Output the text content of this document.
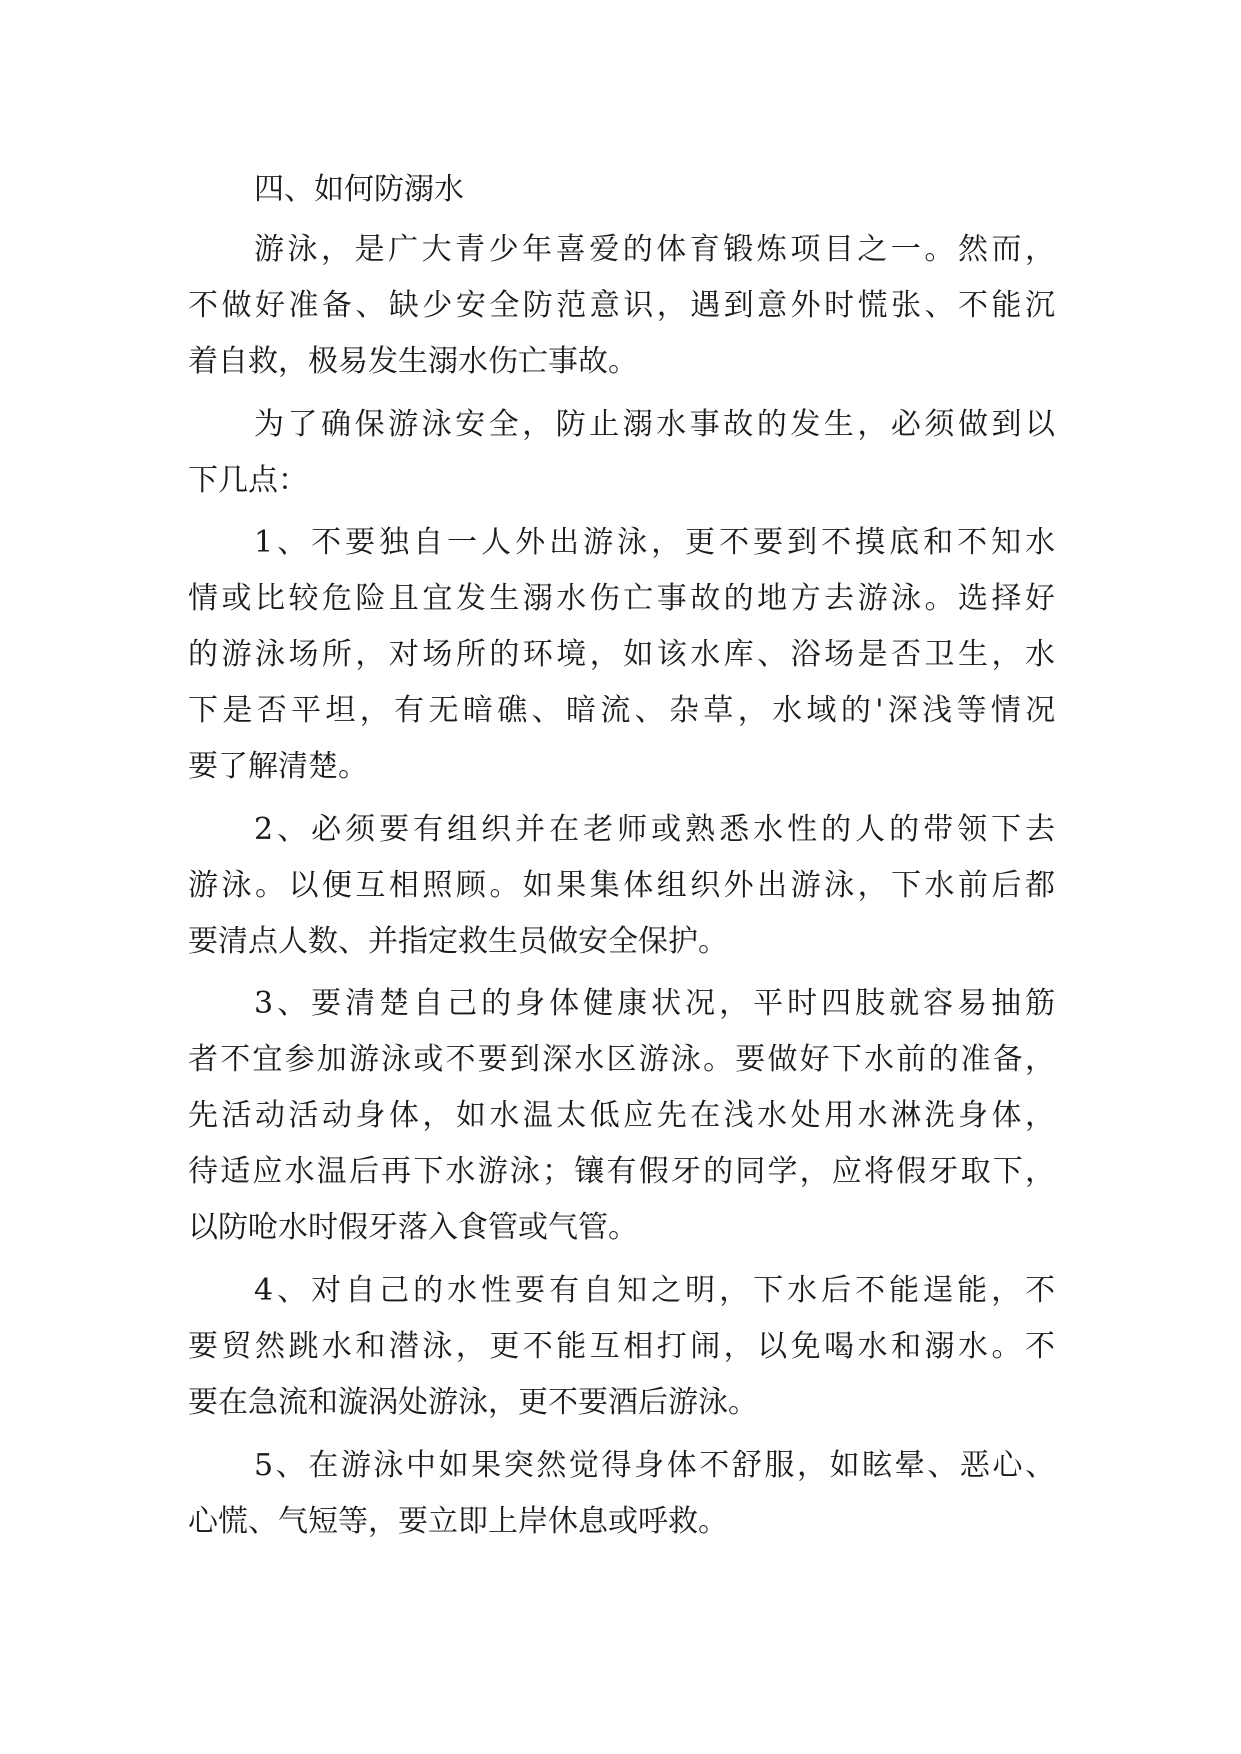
四、如何防溺水
游泳，是广大青少年喜爱的体育锻炼项目之一。然而，
不做好准备、缺少安全防范意识，遇到意外时慌张、不能沉
着自救，极易发生溺水伤亡事故。
为了确保游泳安全，防止溺水事故的发生，必须做到以
下几点：
1、不要独自一人外出游泳，更不要到不摸底和不知水
情或比较危险且宜发生溺水伤亡事故的地方去游泳。选择好
的游泳场所，对场所的环境，如该水库、浴场是否卫生，水
下是否平坦，有无暗礁、暗流、杂草，水域的'深浅等情况
要了解清楚。
2、必须要有组织并在老师或熟悉水性的人的带领下去
游泳。以便互相照顾。如果集体组织外出游泳，下水前后都
要清点人数、并指定救生员做安全保护。
3、要清楚自己的身体健康状况，平时四肢就容易抽筋
者不宜参加游泳或不要到深水区游泳。要做好下水前的准备，
先活动活动身体，如水温太低应先在浅水处用水淋洗身体，
待适应水温后再下水游泳；镶有假牙的同学，应将假牙取下，
以防呛水时假牙落入食管或气管。
4、对自己的水性要有自知之明，下水后不能逞能，不
要贸然跳水和潜泳，更不能互相打闹，以免喝水和溺水。不
要在急流和漩涡处游泳，更不要酒后游泳。
5、在游泳中如果突然觉得身体不舒服，如眩晕、恶心、
心慌、气短等，要立即上岸休息或呼救。
